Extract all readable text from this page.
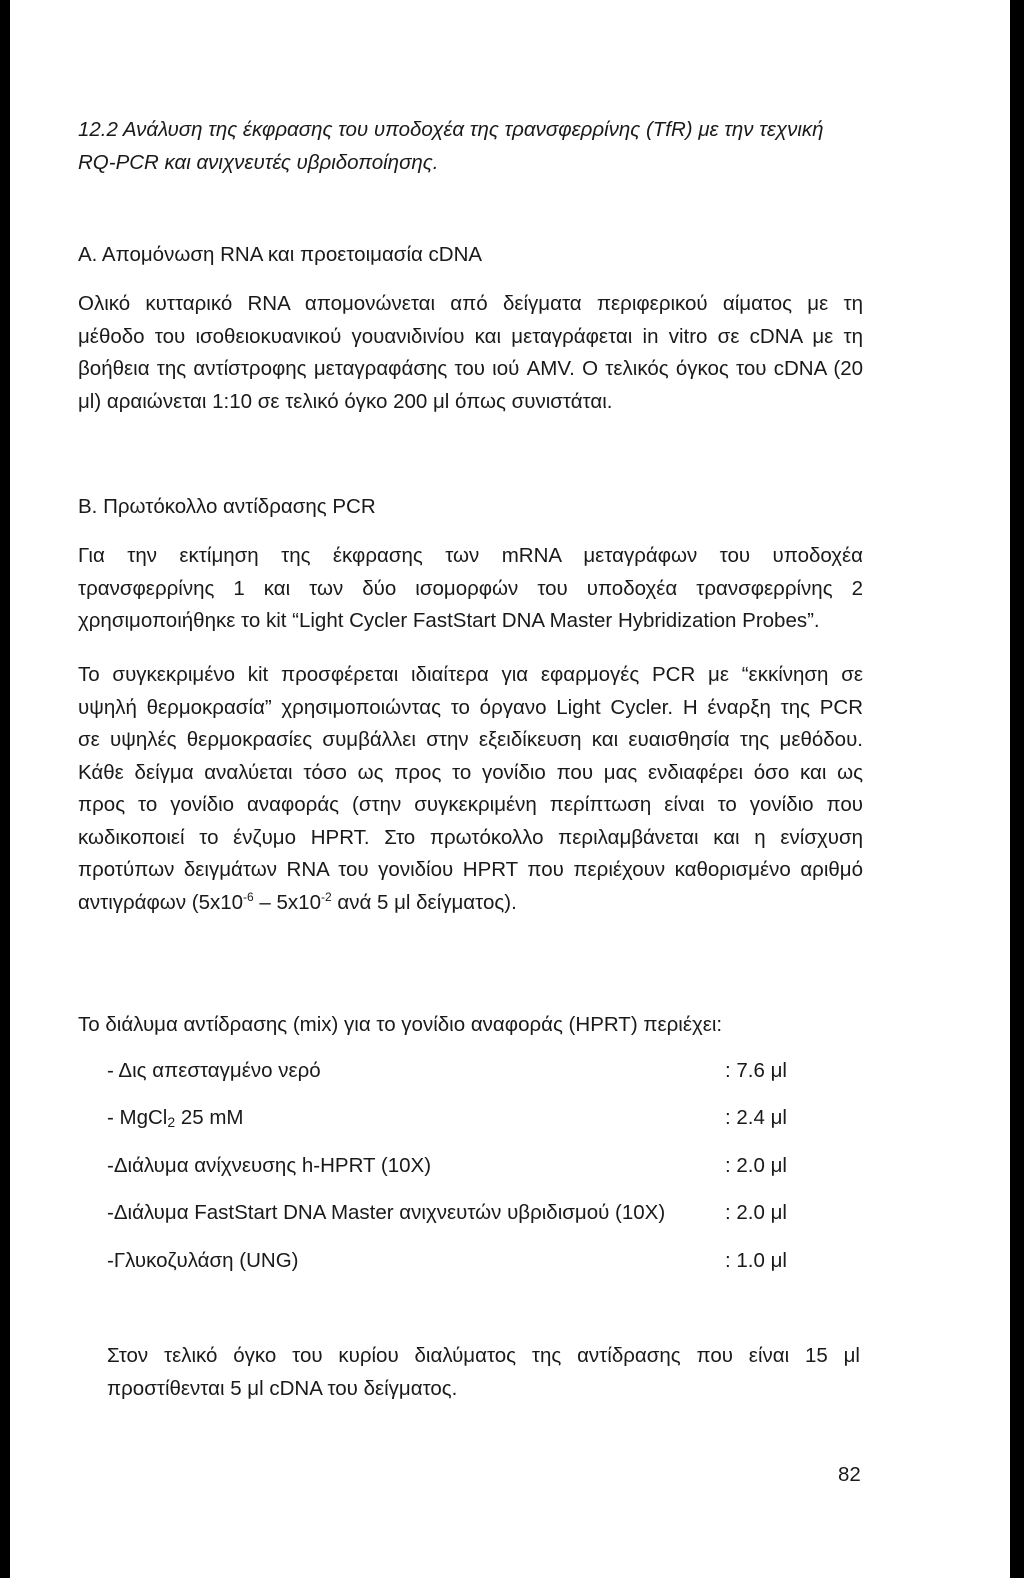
12.2 Ανάλυση της έκφρασης του υποδοχέα της τρανσφερρίνης (TfR) με την τεχνική
RQ-PCR και ανιχνευτές υβριδοποίησης.
Α. Απομόνωση RNA και προετοιμασία cDNA
Ολικό κυτταρικό RNA απομονώνεται από δείγματα περιφερικού αίματος με τη
μέθοδο του ισοθειοκυανικού γουανιδινίου και μεταγράφεται in vitro σε cDNA με τη
βοήθεια της αντίστροφης μεταγραφάσης του ιού AMV. Ο τελικός όγκος του cDNA (20
μl) αραιώνεται 1:10 σε τελικό όγκο 200 μl όπως συνιστάται.
Β. Πρωτόκολλο αντίδρασης PCR
Για την εκτίμηση της έκφρασης των mRNA μεταγράφων του υποδοχέα
τρανσφερρίνης 1 και των δύο ισομορφών του υποδοχέα τρανσφερρίνης 2
χρησιμοποιήθηκε το kit “Light Cycler FastStart DNA Master Hybridization Probes”.
Το συγκεκριμένο kit προσφέρεται ιδιαίτερα για εφαρμογές PCR με “εκκίνηση σε
υψηλή θερμοκρασία” χρησιμοποιώντας το όργανο Light Cycler. Η έναρξη της PCR
σε υψηλές θερμοκρασίες συμβάλλει στην εξειδίκευση και ευαισθησία της μεθόδου.
Κάθε δείγμα αναλύεται τόσο ως προς το γονίδιο που μας ενδιαφέρει όσο και ως
προς το γονίδιο αναφοράς (στην συγκεκριμένη περίπτωση είναι το γονίδιο που
κωδικοποιεί το ένζυμο HPRT. Στο πρωτόκολλο περιλαμβάνεται και η ενίσχυση
προτύπων δειγμάτων RNA του γονιδίου HPRT που περιέχουν καθορισμένο αριθμό
αντιγράφων ($5x10^{-6} - 5x10^{-2}$ ανά 5 μl δείγματος).
Το διάλυμα αντίδρασης (mix) για το γονίδιο αναφοράς (HPRT) περιέχει:
- Δις απεσταγμένο νερό	: 7.6 μl
- MgCl$_2$ 25 mM	: 2.4 μl
-Διάλυμα ανίχνευσης h-HPRT (10X)	: 2.0 μl
-Διάλυμα FastStart DNA Master ανιχνευτών υβριδισμού (10X)	: 2.0 μl
-Γλυκοζυλάση (UNG)	: 1.0 μl
Στον τελικό όγκο του κυρίου διαλύματος της αντίδρασης που είναι 15 μl
προστίθενται 5 μl cDNA του δείγματος.
82
